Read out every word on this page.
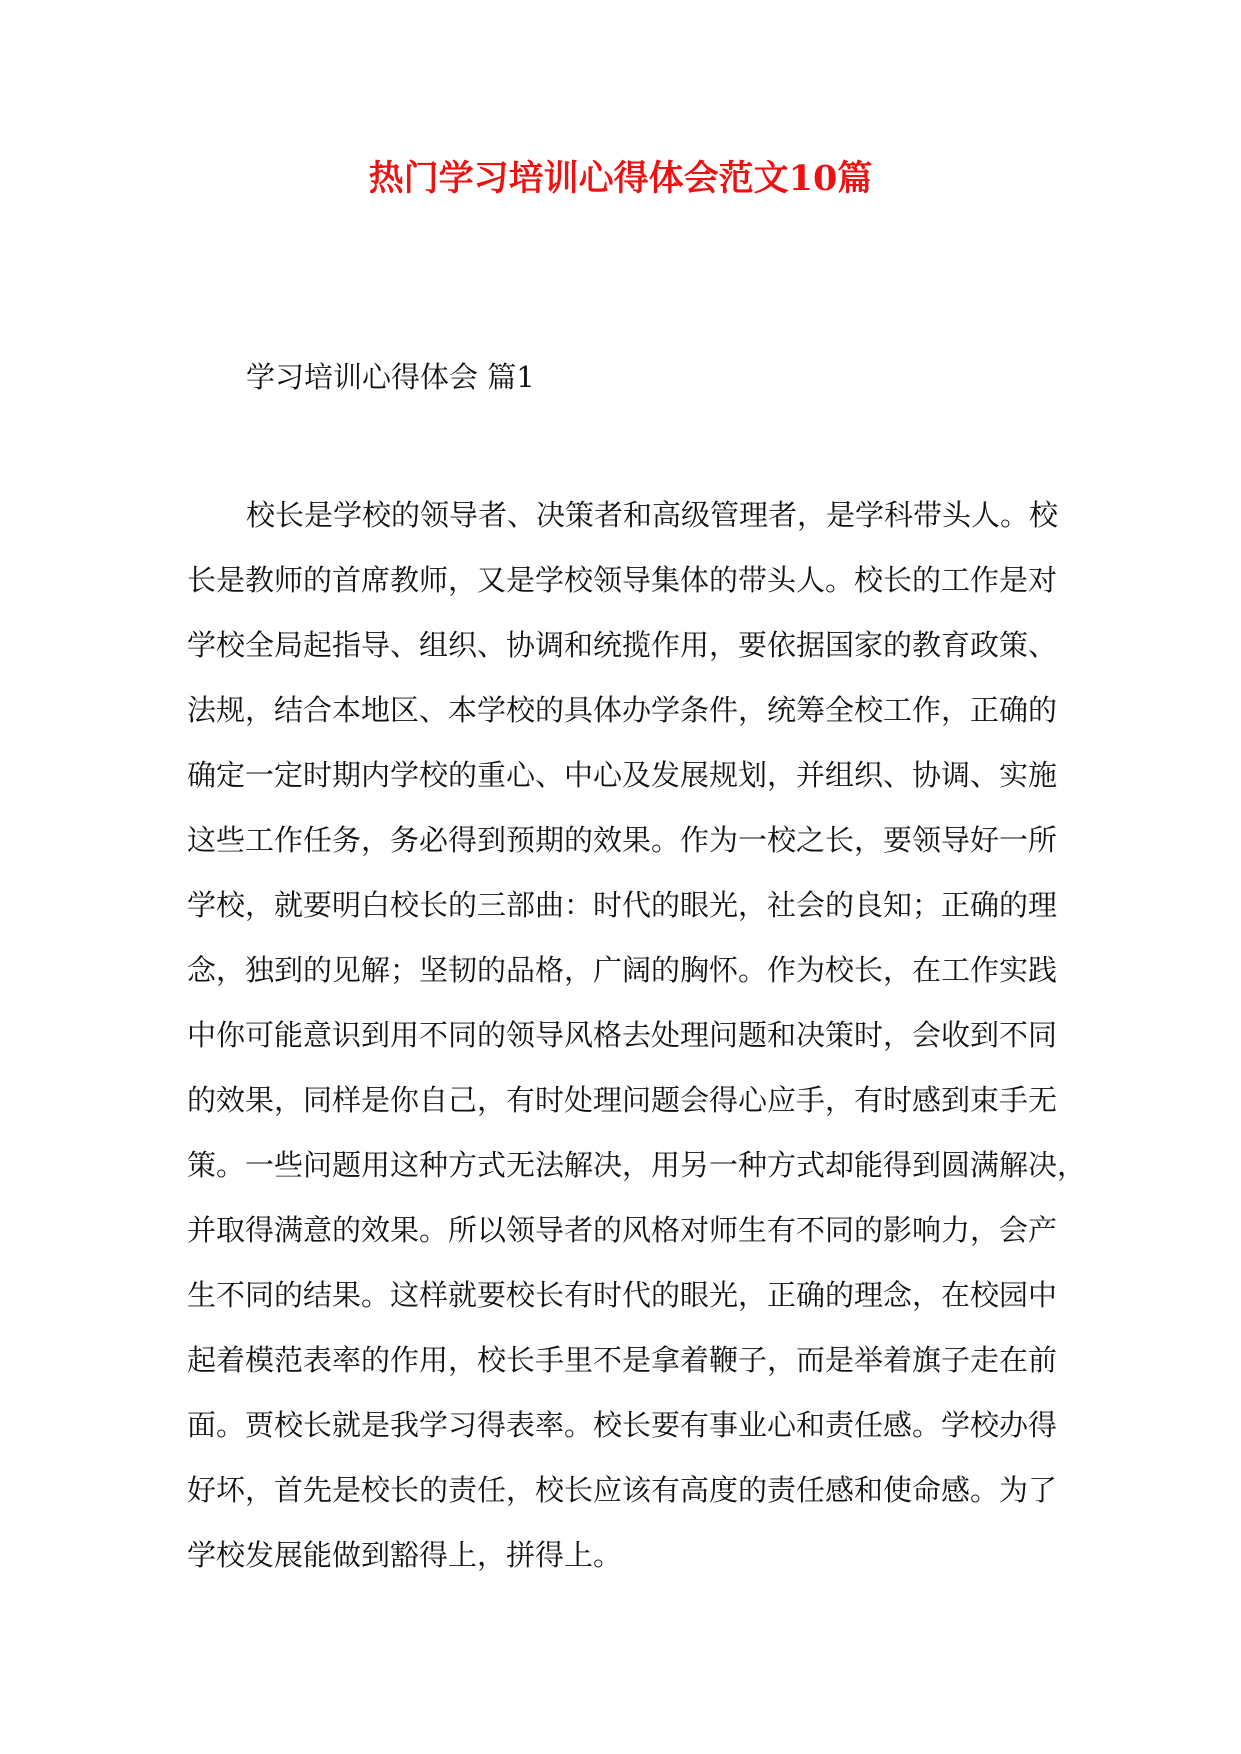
热门学习培训心得体会范文10篇
学习培训心得体会 篇1
校长是学校的领导者、决策者和高级管理者，是学科带头人。校
长是教师的首席教师，又是学校领导集体的带头人。校长的工作是对
学校全局起指导、组织、协调和统揽作用，要依据国家的教育政策、
法规，结合本地区、本学校的具体办学条件，统筹全校工作，正确的
确定一定时期内学校的重心、中心及发展规划，并组织、协调、实施
这些工作任务，务必得到预期的效果。作为一校之长，要领导好一所
学校，就要明白校长的三部曲：时代的眼光，社会的良知；正确的理
念，独到的见解；坚韧的品格，广阔的胸怀。作为校长，在工作实践
中你可能意识到用不同的领导风格去处理问题和决策时，会收到不同
的效果，同样是你自己，有时处理问题会得心应手，有时感到束手无
策。一些问题用这种方式无法解决，用另一种方式却能得到圆满解决，
并取得满意的效果。所以领导者的风格对师生有不同的影响力，会产
生不同的结果。这样就要校长有时代的眼光，正确的理念，在校园中
起着模范表率的作用，校长手里不是拿着鞭子，而是举着旗子走在前
面。贾校长就是我学习得表率。校长要有事业心和责任感。学校办得
好坏，首先是校长的责任，校长应该有高度的责任感和使命感。为了
学校发展能做到豁得上，拼得上。
